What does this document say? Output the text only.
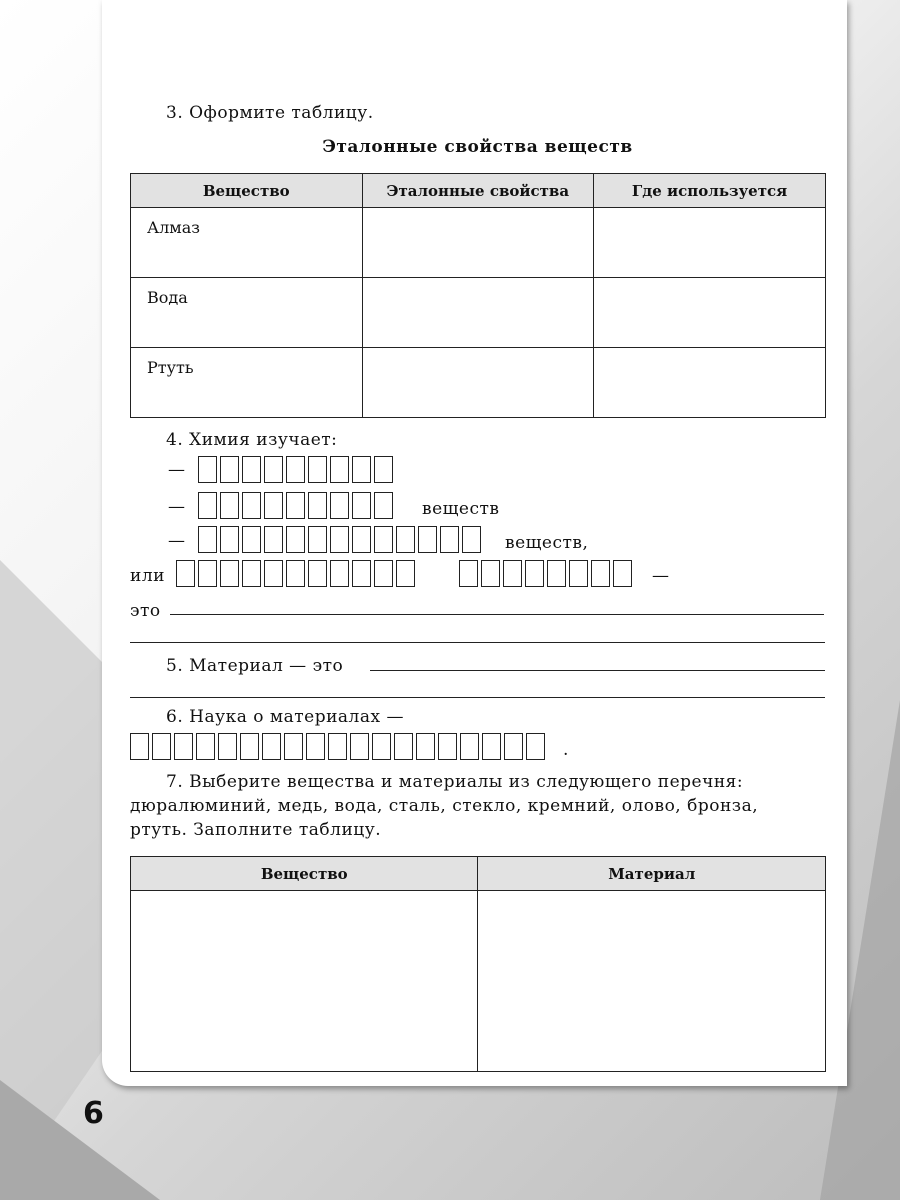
3. Оформите таблицу.
Эталонные свойства веществ
Вещество	Эталонные свойства	Где используется

Алмаз		

Вода		

Ртуть		

4. Химия изучает:
—
—	веществ
—	веществ,
или	—
это
5. Материал — это
6. Наука о материалах —
.
7. Выберите вещества и материалы из следующего перечня:
дюралюминий, медь, вода, сталь, стекло, кремний, олово, бронза,
ртуть. Заполните таблицу.
Вещество	Материал

6
